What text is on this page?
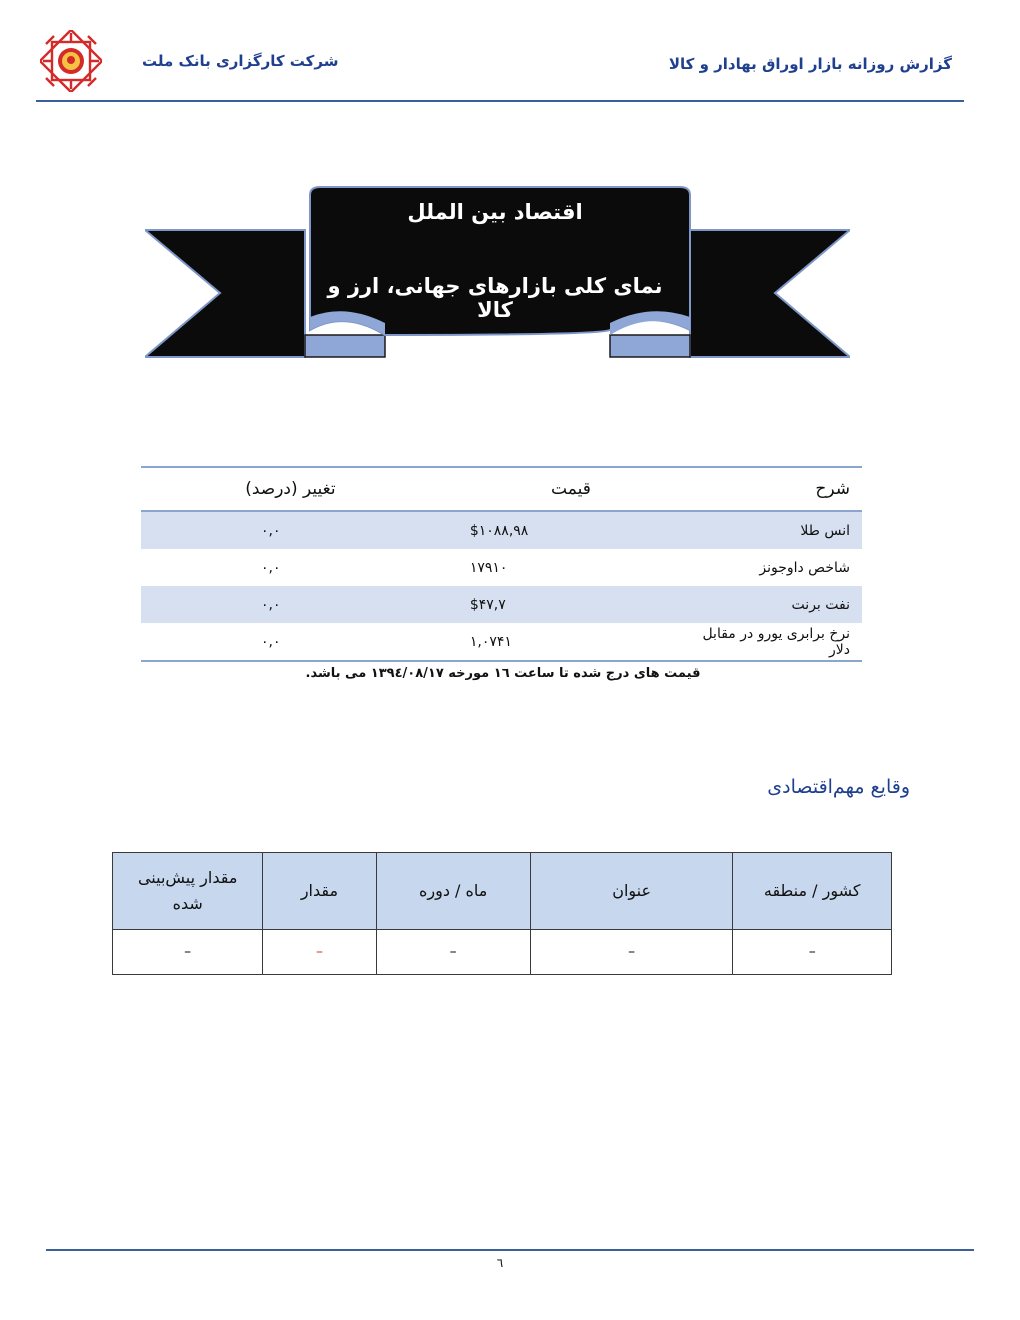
شرکت کارگزاری بانک ملت	گزارش روزانه بازار اوراق بهادار و کالا
اقتصاد بین الملل
نمای کلی بازارهای جهانی، ارز و کالا
شرح	قیمت	تغییر (درصد)
انس طلا	$۱۰۸۸,۹۸	۰,۰
شاخص داوجونز	۱۷۹۱۰	۰,۰
نفت برنت	$۴۷,۷	۰,۰
نرخ برابری یورو در مقابل دلار	۱,۰۷۴۱	۰,۰
قیمت های درج شده تا ساعت ۱٦ مورخه ۱۳۹٤/۰۸/۱۷ می باشد.
وقایع مهم‌اقتصادی
کشور / منطقه	عنوان	ماه / دوره	مقدار	مقدار پیش‌بینی شده
–	–	–	–	–
٦
